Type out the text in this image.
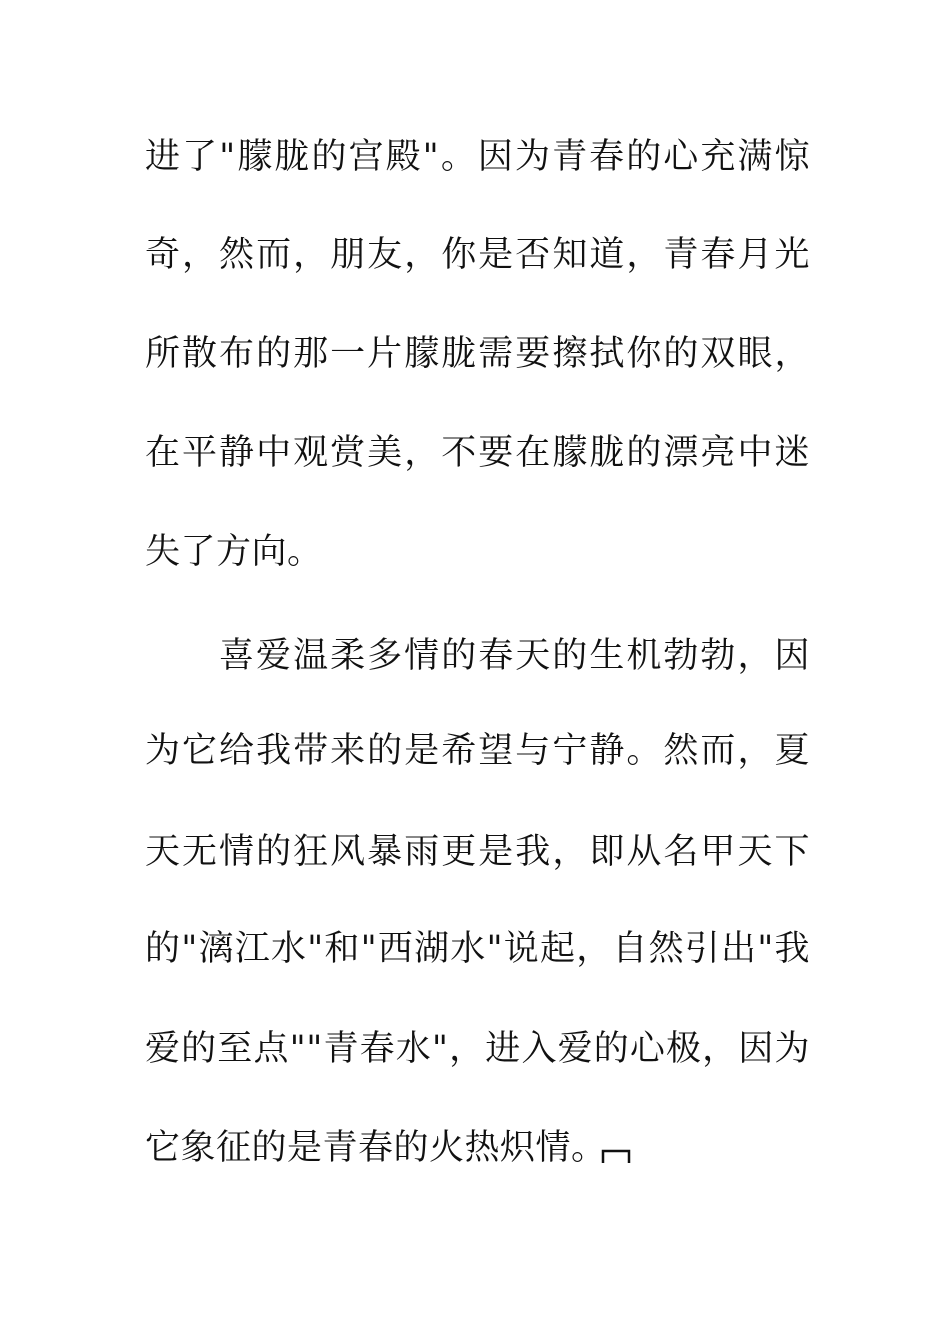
进了"朦胧的宫殿"。因为青春的心充满惊
奇，然而，朋友，你是否知道，青春月光
所散布的那一片朦胧需要擦拭你的双眼，
在平静中观赏美，不要在朦胧的漂亮中迷
失了方向。
喜爱温柔多情的春天的生机勃勃，因
为它给我带来的是希望与宁静。然而，夏
天无情的狂风暴雨更是我，即从名甲天下
的"漓江水"和"西湖水"说起，自然引出"我
爱的至点""青春水"，进入爱的心极，因为
它象征的是青春的火热炽情。
